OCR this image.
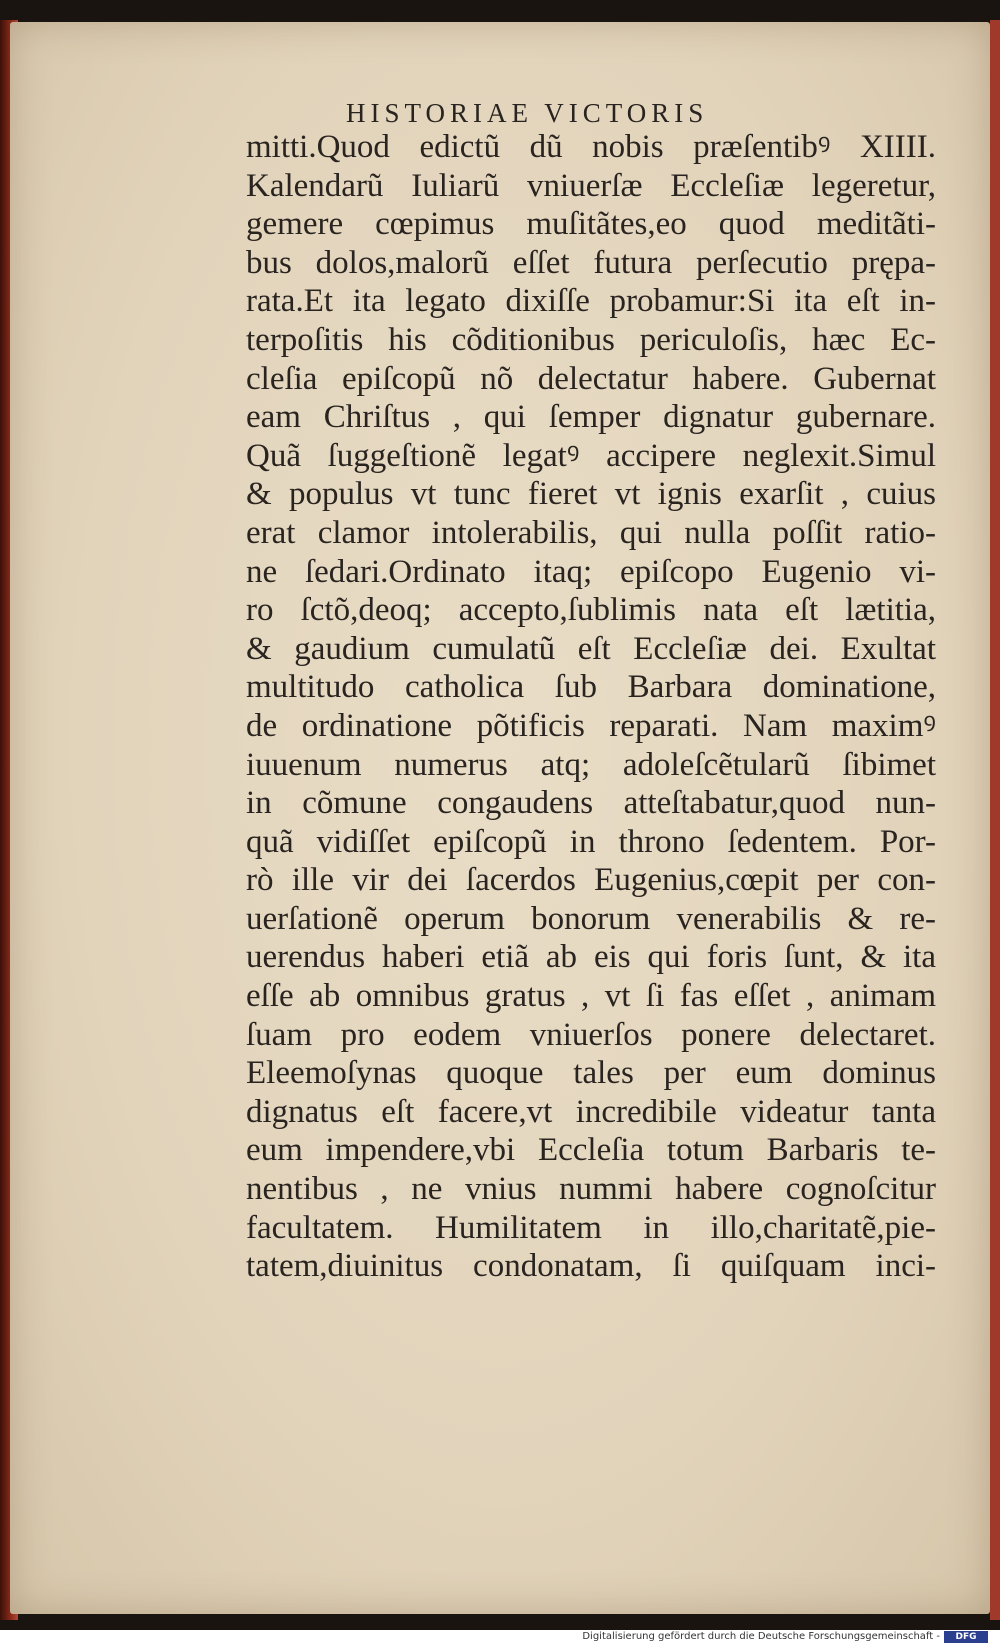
HISTORIAE VICTORIS
mitti.Quod edictũ dũ nobis præſentibꝰ XIIII.
Kalendarũ Iuliarũ vniuerſæ Eccleſiæ legeretur,
gemere cœpimus muſitãtes,eo quod meditãti-
bus dolos,malorũ eſſet futura perſecutio prępa-
rata.Et ita legato dixiſſe probamur:Si ita eſt in-
terpoſitis his cõditionibus periculoſis, hæc Ec-
cleſia epiſcopũ nõ delectatur habere. Gubernat
eam Chriſtus , qui ſemper dignatur gubernare.
Quã ſuggeſtionẽ legatꝰ accipere neglexit.Simul
& populus vt tunc fieret vt ignis exarſit , cuius
erat clamor intolerabilis, qui nulla poſſit ratio-
ne ſedari.Ordinato itaq; epiſcopo Eugenio vi-
ro ſctõ,deoq; accepto,ſublimis nata eſt lætitia,
& gaudium cumulatũ eſt Eccleſiæ dei. Exultat
multitudo catholica ſub Barbara dominatione,
de ordinatione põtificis reparati. Nam maximꝰ
iuuenum numerus atq; adoleſcẽtularũ ſibimet
in cõmune congaudens atteſtabatur,quod nun-
quã vidiſſet epiſcopũ in throno ſedentem. Por-
rò ille vir dei ſacerdos Eugenius,cœpit per con-
uerſationẽ operum bonorum venerabilis & re-
uerendus haberi etiã ab eis qui foris ſunt, & ita
eſſe ab omnibus gratus , vt ſi fas eſſet , animam
ſuam pro eodem vniuerſos ponere delectaret.
Eleemoſynas quoque tales per eum dominus
dignatus eſt facere,vt incredibile videatur tanta
eum impendere,vbi Eccleſia totum Barbaris te-
nentibus , ne vnius nummi habere cognoſcitur
facultatem. Humilitatem in illo,charitatẽ,pie-
tatem,diuinitus condonatam, ſi quiſquam inci-
Digitalisierung gefördert durch die Deutsche Forschungsgemeinschaft -	DFG
